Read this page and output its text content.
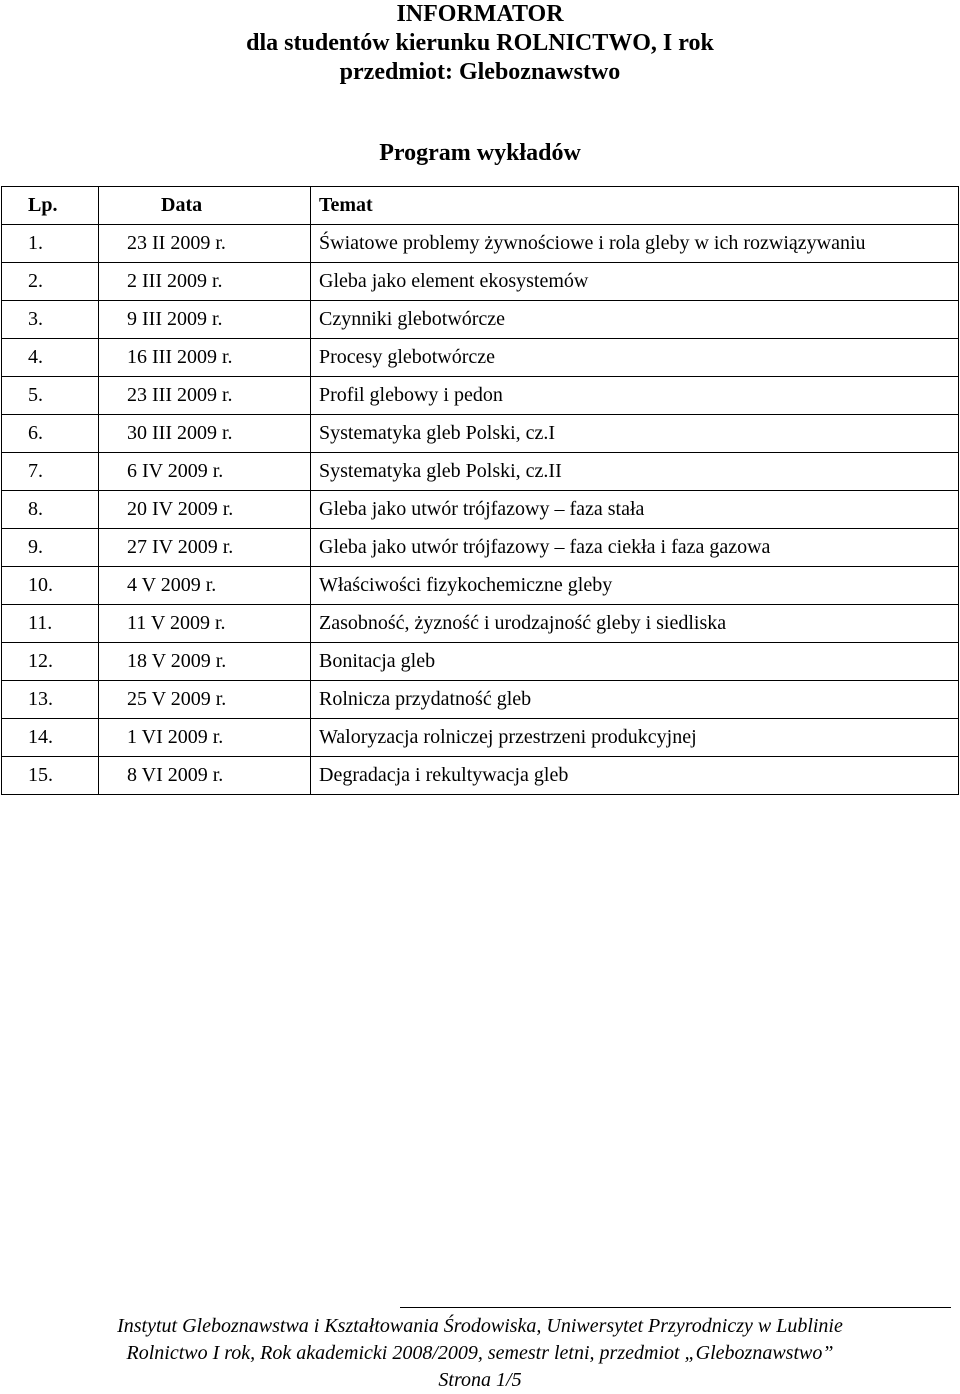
INFORMATOR
dla studentów kierunku ROLNICTWO, I rok
przedmiot: Gleboznawstwo
Program wykładów
Lp.	Data	Temat
1.	23 II 2009 r.	Światowe problemy żywnościowe i rola gleby w ich rozwiązywaniu
2.	2 III 2009 r.	Gleba jako element ekosystemów
3.	9 III 2009 r.	Czynniki glebotwórcze
4.	16 III 2009 r.	Procesy glebotwórcze
5.	23 III 2009 r.	Profil glebowy i pedon
6.	30 III 2009 r.	Systematyka gleb Polski, cz.I
7.	6 IV 2009 r.	Systematyka gleb Polski, cz.II
8.	20 IV 2009 r.	Gleba jako utwór trójfazowy – faza stała
9.	27 IV 2009 r.	Gleba jako utwór trójfazowy – faza ciekła i faza gazowa
10.	4 V 2009 r.	Właściwości fizykochemiczne gleby
11.	11 V 2009 r.	Zasobność, żyzność i urodzajność gleby i siedliska
12.	18 V 2009 r.	Bonitacja gleb
13.	25 V 2009 r.	Rolnicza przydatność gleb
14.	1 VI 2009 r.	Waloryzacja rolniczej przestrzeni produkcyjnej
15.	8 VI 2009 r.	Degradacja i rekultywacja gleb
Instytut Gleboznawstwa i Kształtowania Środowiska, Uniwersytet Przyrodniczy w Lublinie
Rolnictwo I rok, Rok akademicki 2008/2009, semestr letni, przedmiot „Gleboznawstwo”
Strona 1/5
